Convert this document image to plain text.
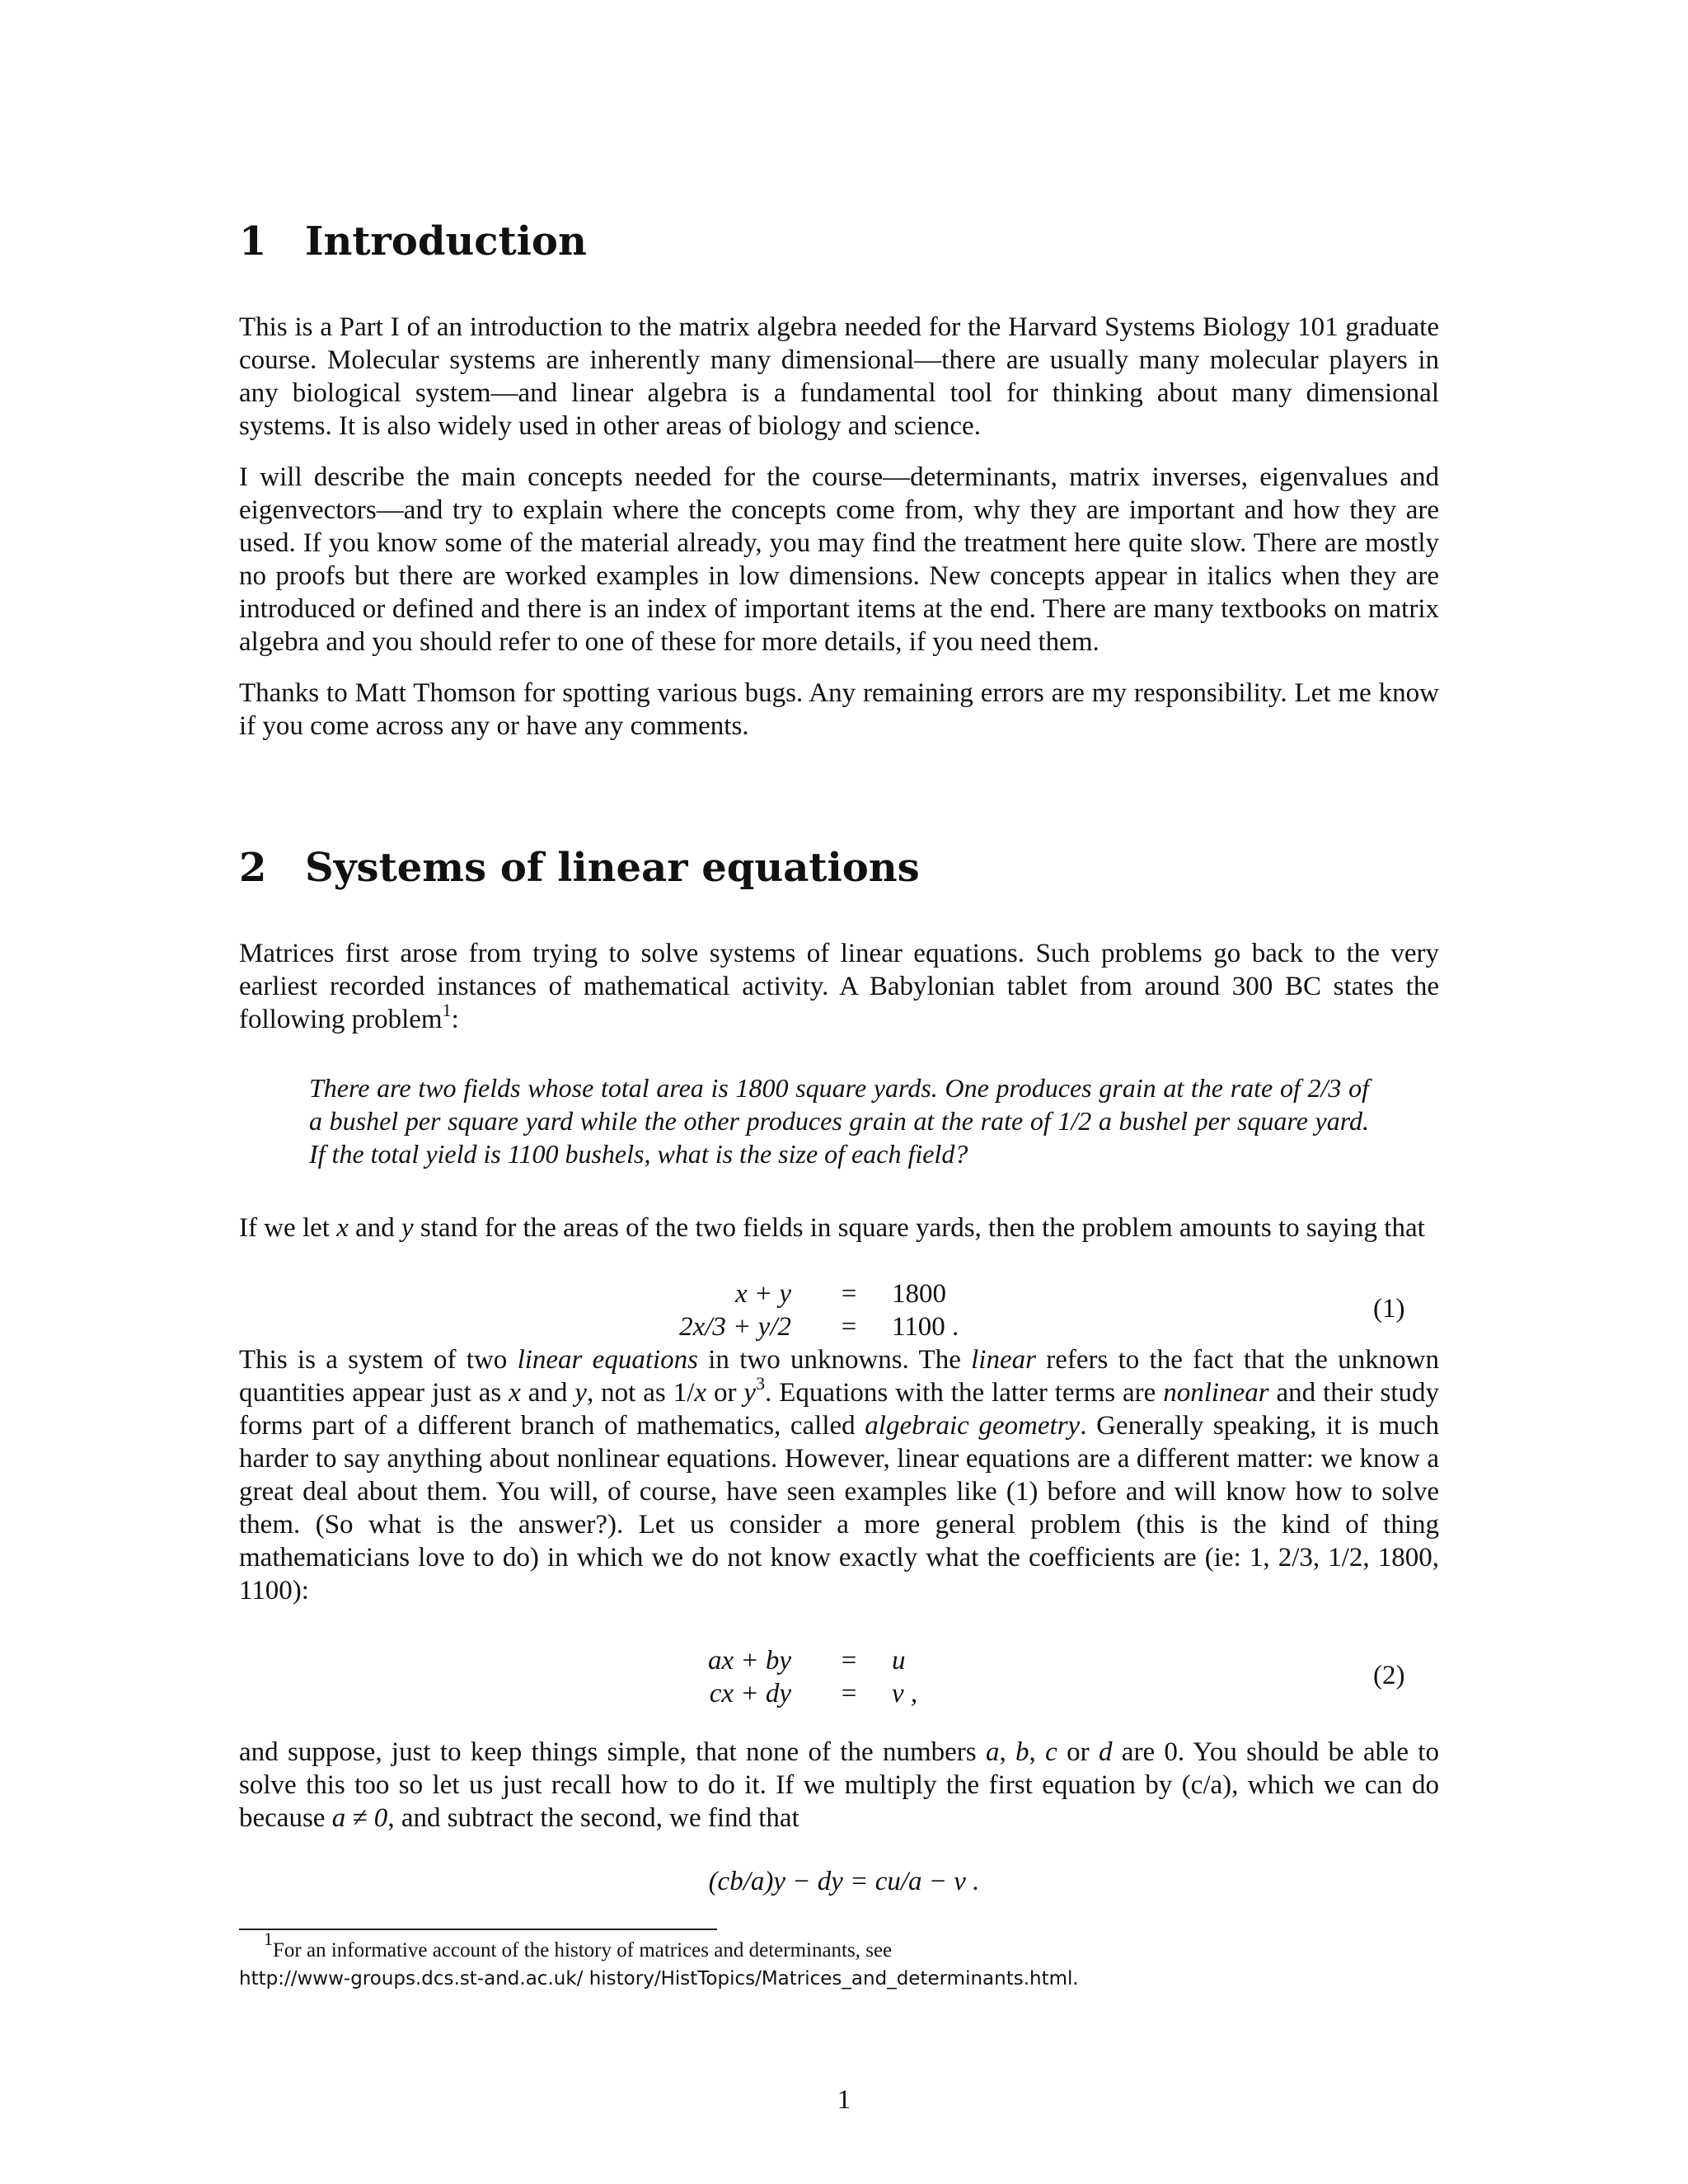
1 Introduction

This is a Part I of an introduction to the matrix algebra needed for the Harvard Systems Biology 101 graduate course. Molecular systems are inherently many dimensional—there are usually many molecular players in any biological system—and linear algebra is a fundamental tool for thinking about many dimensional systems. It is also widely used in other areas of biology and science.

I will describe the main concepts needed for the course—determinants, matrix inverses, eigenvalues and eigenvectors—and try to explain where the concepts come from, why they are important and how they are used. If you know some of the material already, you may find the treatment here quite slow. There are mostly no proofs but there are worked examples in low dimensions. New concepts appear in italics when they are introduced or defined and there is an index of important items at the end. There are many textbooks on matrix algebra and you should refer to one of these for more details, if you need them.

Thanks to Matt Thomson for spotting various bugs. Any remaining errors are my responsibility. Let me know if you come across any or have any comments.

2 Systems of linear equations

Matrices first arose from trying to solve systems of linear equations. Such problems go back to the very earliest recorded instances of mathematical activity. A Babylonian tablet from around 300 BC states the following problem$^1$:

There are two fields whose total area is 1800 square yards. One produces grain at the rate of 2/3 of a bushel per square yard while the other produces grain at the rate of 1/2 a bushel per square yard. If the total yield is 1100 bushels, what is the size of each field?

If we let x and y stand for the areas of the two fields in square yards, then the problem amounts to saying that

x + y	=	1800
2x/3 + y/2	=	1100 .
(1)

This is a system of two linear equations in two unknowns. The linear refers to the fact that the unknown quantities appear just as x and y, not as 1/x or $y^3$. Equations with the latter terms are nonlinear and their study forms part of a different branch of mathematics, called algebraic geometry. Generally speaking, it is much harder to say anything about nonlinear equations. However, linear equations are a different matter: we know a great deal about them. You will, of course, have seen examples like (1) before and will know how to solve them. (So what is the answer?). Let us consider a more general problem (this is the kind of thing mathematicians love to do) in which we do not know exactly what the coefficients are (ie: 1, 2/3, 1/2, 1800, 1100):

ax + by	=	u
cx + dy	=	v ,
(2)

and suppose, just to keep things simple, that none of the numbers a, b, c or d are 0. You should be able to solve this too so let us just recall how to do it. If we multiply the first equation by (c/a), which we can do because a ≠ 0, and subtract the second, we find that

(cb/a)y − dy = cu/a − v .
$^1$For an informative account of the history of matrices and determinants, see
http://www-groups.dcs.st-and.ac.uk/ history/HistTopics/Matrices_and_determinants.html.
1
